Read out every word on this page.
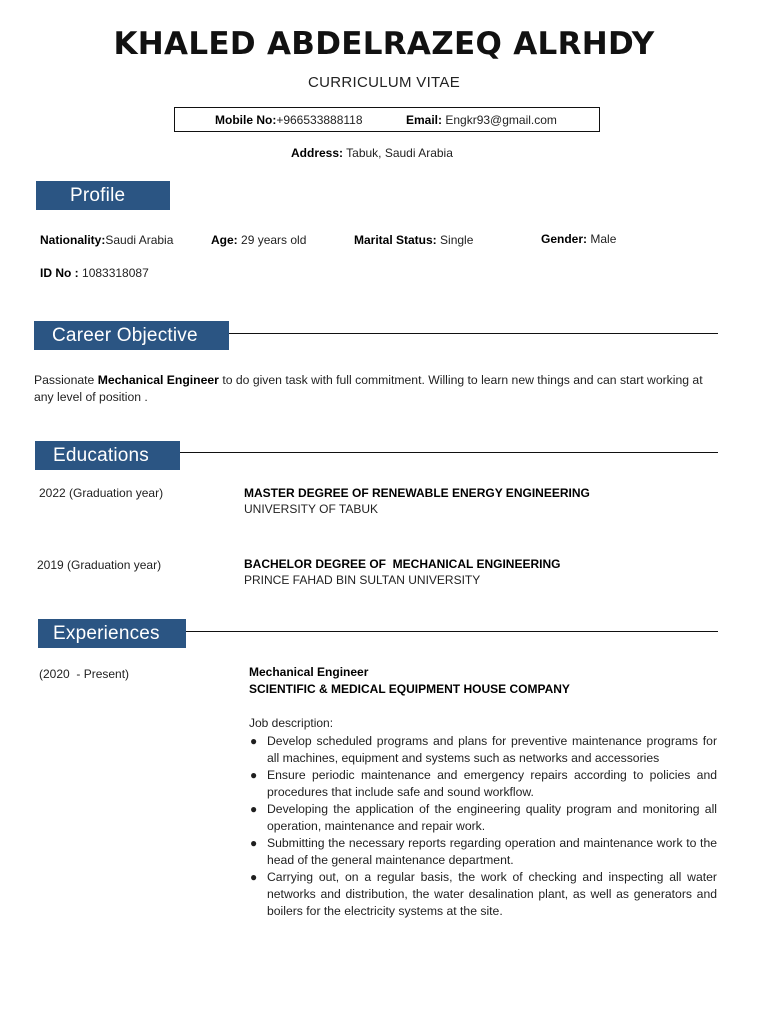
KHALED ABDELRAZEQ ALRHDY
CURRICULUM VITAE
Mobile No:+966533888118	Email: Engkr93@gmail.com
Address: Tabuk, Saudi Arabia
Profile
Nationality:Saudi Arabia	Age: 29 years old	Marital Status: Single	Gender: Male
ID No : 1083318087
Career Objective
Passionate Mechanical Engineer to do given task with full commitment. Willing to learn new things and can start working at any level of position .
Educations
2022 (Graduation year)	MASTER DEGREE OF RENEWABLE ENERGY ENGINEERING
UNIVERSITY OF TABUK
2019 (Graduation year)	BACHELOR DEGREE OF  MECHANICAL ENGINEERING
PRINCE FAHAD BIN SULTAN UNIVERSITY
Experiences
(2020  - Present)	Mechanical Engineer
SCIENTIFIC & MEDICAL EQUIPMENT HOUSE COMPANY
Job description:
● Develop scheduled programs and plans for preventive maintenance programs for all machines, equipment and systems such as networks and accessories
● Ensure periodic maintenance and emergency repairs according to policies and procedures that include safe and sound workflow.
● Developing the application of the engineering quality program and monitoring all operation, maintenance and repair work.
● Submitting the necessary reports regarding operation and maintenance work to the head of the general maintenance department.
● Carrying out, on a regular basis, the work of checking and inspecting all water networks and distribution, the water desalination plant, as well as generators and boilers for the electricity systems at the site.
